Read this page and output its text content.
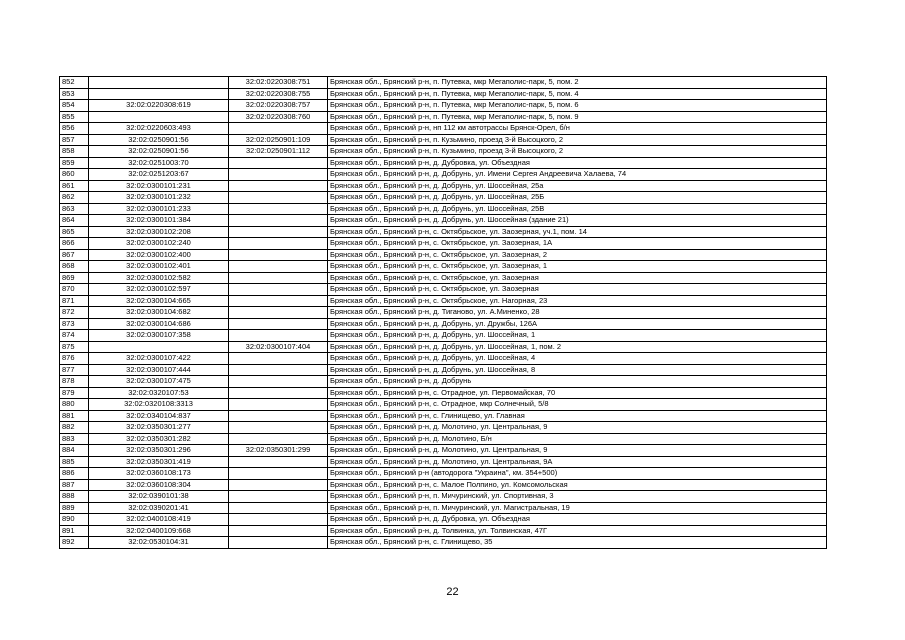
852		32:02:0220308:751	Брянская обл., Брянский р-н, п. Путевка, мкр Мегаполис-парк, 5, пом. 2
853		32:02:0220308:755	Брянская обл., Брянский р-н, п. Путевка, мкр Мегаполис-парк, 5, пом. 4
854	32:02:0220308:619	32:02:0220308:757	Брянская обл., Брянский р-н, п. Путевка, мкр Мегаполис-парк, 5, пом. 6
855		32:02:0220308:760	Брянская обл., Брянский р-н, п. Путевка, мкр Мегаполис-парк, 5, пом. 9
856	32:02:0220603:493		Брянская обл., Брянский р-н, нп 112 км автотрассы Брянск-Орел, б/н
857	32:02:0250901:56	32:02:0250901:109	Брянская обл., Брянский р-н, п. Кузьмино, проезд 3-й Высоцкого, 2
858	32:02:0250901:56	32:02:0250901:112	Брянская обл., Брянский р-н, п. Кузьмино, проезд 3-й Высоцкого, 2
859	32:02:0251003:70		Брянская обл., Брянский р-н, д. Дубровка, ул. Объездная
860	32:02:0251203:67		Брянская обл., Брянский р-н, д. Добрунь, ул. Имени Сергея Андреевича Халаева, 74
861	32:02:0300101:231		Брянская обл., Брянский р-н, д. Добрунь, ул. Шоссейная, 25а
862	32:02:0300101:232		Брянская обл., Брянский р-н, д. Добрунь, ул. Шоссейная, 25Б
863	32:02:0300101:233		Брянская обл., Брянский р-н, д. Добрунь, ул. Шоссейная, 25В
864	32:02:0300101:384		Брянская обл., Брянский р-н, д. Добрунь, ул. Шоссейная (здание 21)
865	32:02:0300102:208		Брянская обл., Брянский р-н, с. Октябрьское, ул. Заозерная, уч.1, пом. 14
866	32:02:0300102:240		Брянская обл., Брянский р-н, с. Октябрьское, ул. Заозерная, 1А
867	32:02:0300102:400		Брянская обл., Брянский р-н, с. Октябрьское, ул. Заозерная, 2
868	32:02:0300102:401		Брянская обл., Брянский р-н, с. Октябрьское, ул. Заозерная, 1
869	32:02:0300102:582		Брянская обл., Брянский р-н, с. Октябрьское, ул. Заозерная
870	32:02:0300102:597		Брянская обл., Брянский р-н, с. Октябрьское, ул. Заозерная
871	32:02:0300104:665		Брянская обл., Брянский р-н, с. Октябрьское, ул. Нагорная, 23
872	32:02:0300104:682		Брянская обл., Брянский р-н, д. Тиганово, ул. А.Миненко, 28
873	32:02:0300104:686		Брянская обл., Брянский р-н, д. Добрунь, ул. Дружбы, 126А
874	32:02:0300107:358		Брянская обл., Брянский р-н, д. Добрунь, ул. Шоссейная, 1
875		32:02:0300107:404	Брянская обл., Брянский р-н, д. Добрунь, ул. Шоссейная, 1, пом. 2
876	32:02:0300107:422		Брянская обл., Брянский р-н, д. Добрунь, ул. Шоссейная, 4
877	32:02:0300107:444		Брянская обл., Брянский р-н, д. Добрунь, ул. Шоссейная, 8
878	32:02:0300107:475		Брянская обл., Брянский р-н, д. Добрунь
879	32:02:0320107:53		Брянская обл., Брянский р-н, с. Отрадное, ул. Первомайская, 70
880	32:02:0320108:3313		Брянская обл., Брянский р-н, с. Отрадное, мкр Солнечный, 5/8
881	32:02:0340104:837		Брянская обл., Брянский р-н, с. Глинищево, ул. Главная
882	32:02:0350301:277		Брянская обл., Брянский р-н, д. Молотино, ул. Центральная, 9
883	32:02:0350301:282		Брянская обл., Брянский р-н, д. Молотино, Б/н
884	32:02:0350301:296	32:02:0350301:299	Брянская обл., Брянский р-н, д. Молотино, ул. Центральная, 9
885	32:02:0350301:419		Брянская обл., Брянский р-н, д. Молотино, ул. Центральная, 9А
886	32:02:0360108:173		Брянская обл., Брянский р-н (автодорога "Украина", км. 354+500)
887	32:02:0360108:304		Брянская обл., Брянский р-н, с. Малое Полпино, ул. Комсомольская
888	32:02:0390101:38		Брянская обл., Брянский р-н, п. Мичуринский, ул. Спортивная, 3
889	32:02:0390201:41		Брянская обл., Брянский р-н, п. Мичуринский, ул. Магистральная, 19
890	32:02:0400108:419		Брянская обл., Брянский р-н, д. Дубровка, ул. Объездная
891	32:02:0400109:668		Брянская обл., Брянский р-н, д. Толвинка, ул. Толвинская, 47Г
892	32:02:0530104:31		Брянская обл., Брянский р-н, с. Глинищево, 35
22
